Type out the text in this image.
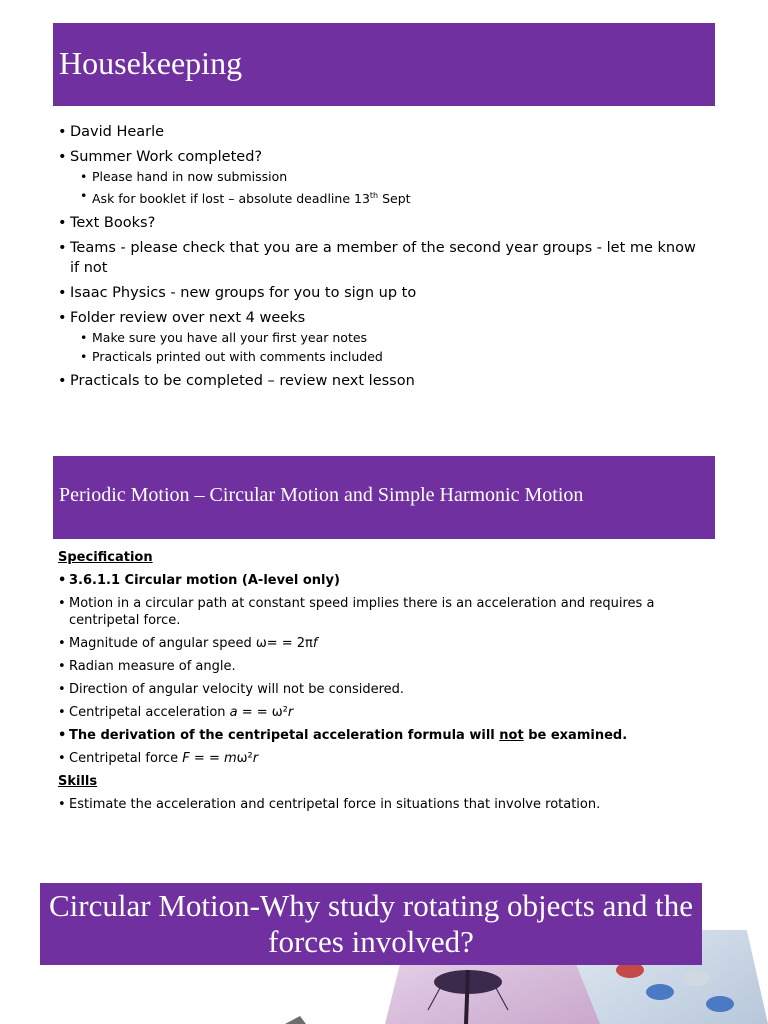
Housekeeping
• David Hearle
• Summer Work completed?
• Please hand in now submission
• Ask for booklet if lost – absolute deadline 13th Sept
• Text Books?
• Teams - please check that you are a member of the second year groups - let me know if not
• Isaac Physics - new groups for you to sign up to
• Folder review over next 4 weeks
• Make sure you have all your first year notes
• Practicals printed out with comments included
• Practicals to be completed – review next lesson
Periodic Motion – Circular Motion and Simple Harmonic Motion
Specification
• 3.6.1.1 Circular motion (A-level only)
• Motion in a circular path at constant speed implies there is an acceleration and requires a centripetal force.
• Magnitude of angular speed ω= = 2πf
• Radian measure of angle.
• Direction of angular velocity will not be considered.
• Centripetal acceleration a = = ω²r
• The derivation of the centripetal acceleration formula will not be examined.
• Centripetal force F = = mω²r
Skills
• Estimate the acceleration and centripetal force in situations that involve rotation.
Circular Motion-Why study rotating objects and the forces involved?
